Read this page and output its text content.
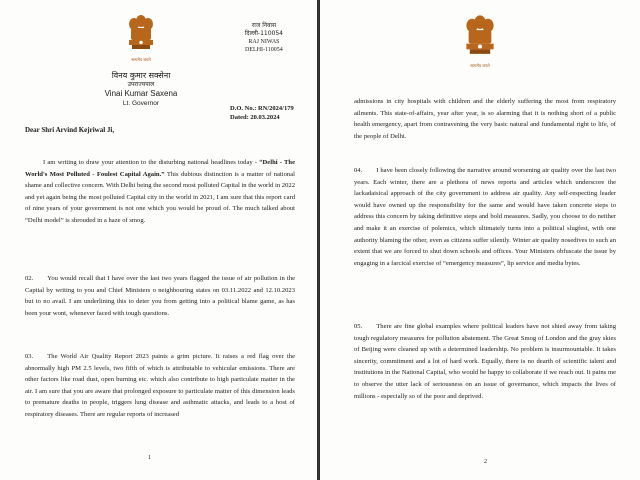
सत्यमेव जयते
राज निवास
दिल्ली-110054
RAJ NIWAS
DELHI-110054
विनय कुमार सक्सेना
उपराज्यपाल
Vinai Kumar Saxena
Lt. Governor
D.O. No.: RN/2024/179
Dated: 20.03.2024
Dear Shri Arvind Kejriwal Ji,

I am writing to draw your attention to the disturbing national headlines today - “Delhi - The World's Most Polluted - Foulest Capital Again.” This dubious distinction is a matter of national shame and collective concern. With Delhi being the second most polluted Capital in the world in 2022 and yet again being the most polluted Capital city in the world in 2021, I am sure that this report card of nine years of your government is not one which you would be proud of. The much talked about “Delhi model” is shrouded in a haze of smog.

02. You would recall that I have over the last two years flagged the issue of air pollution in the Capital by writing to you and Chief Ministers o neighbouring states on 03.11.2022 and 12.10.2023 but to no avail. I am underlining this to deter you from getting into a political blame game, as has been your wont, whenever faced with tough questions.

03. The World Air Quality Report 2023 paints a grim picture. It raises a red flag over the abnormally high PM 2.5 levels, two fifth of which is attributable to vehicular emissions. There are other factors like road dust, open burning etc. which also contribute to high particulate matter in the air. I am sure that you are aware that prolonged exposure to particulate matter of this dimension leads to premature deaths in people, triggers lung disease and asthmatic attacks, and leads to a host of respiratory diseases. There are regular reports of increased

1
सत्यमेव जयते

admissions in city hospitals with children and the elderly suffering the most from respiratory ailments. This state-of-affairs, year after year, is so alarming that it is nothing short of a public health emergency, apart from contravening the very basic natural and fundamental right to life, of the people of Delhi.

04. I have been closely following the narrative around worsening air quality over the last two years. Each winter, there are a plethora of news reports and articles which underscore the lackadaisical approach of the city government to address air quality. Any self-respecting leader would have owned up the responsibility for the same and would have taken concrete steps to address this concern by taking definitive steps and bold measures. Sadly, you choose to do neither and make it an exercise of polemics, which ultimately turns into a political slugfest, with one authority blaming the other, even as citizens suffer silently. Winter air quality nosedives to such an extent that we are forced to shut down schools and offices. Your Ministers obfuscate the issue by engaging in a farcical exercise of “emergency measures”, lip service and media bytes.

05. There are fine global examples where political leaders have not shied away from taking tough regulatory measures for pollution abatement. The Great Smog of London and the gray skies of Beijing were cleaned up with a determined leadership. No problem is insurmountable. It takes sincerity, commitment and a lot of hard work. Equally, there is no dearth of scientific talent and institutions in the National Capital, who would be happy to collaborate if we reach out. It pains me to observe the utter lack of seriousness on an issue of governance, which impacts the lives of millions - especially so of the poor and deprived.

2
